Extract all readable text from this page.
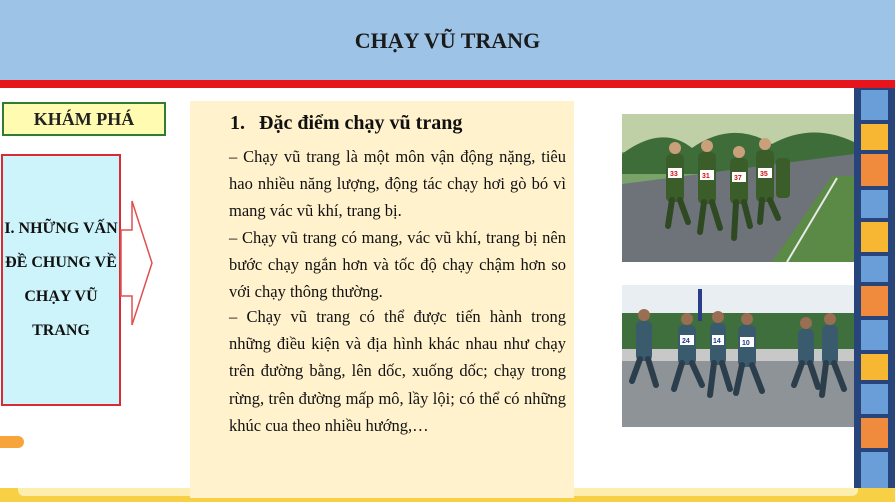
CHẠY VŨ TRANG
KHÁM PHÁ
I. NHỮNG VẤN ĐỀ CHUNG VỀ CHẠY VŨ TRANG
1. Đặc điểm chạy vũ trang
– Chạy vũ trang là một môn vận động nặng, tiêu hao nhiều năng lượng, động tác chạy hơi gò bó vì mang vác vũ khí, trang bị.
– Chạy vũ trang có mang, vác vũ khí, trang bị nên bước chạy ngắn hơn và tốc độ chạy chậm hơn so với chạy thông thường.
– Chạy vũ trang có thể được tiến hành trong những điều kiện và địa hình khác nhau như chạy trên đường bằng, lên dốc, xuống dốc; chạy trong rừng, trên đường mấp mô, lầy lội; có thể có những khúc cua theo nhiều hướng,…
33	31	37
35
24	14	10
